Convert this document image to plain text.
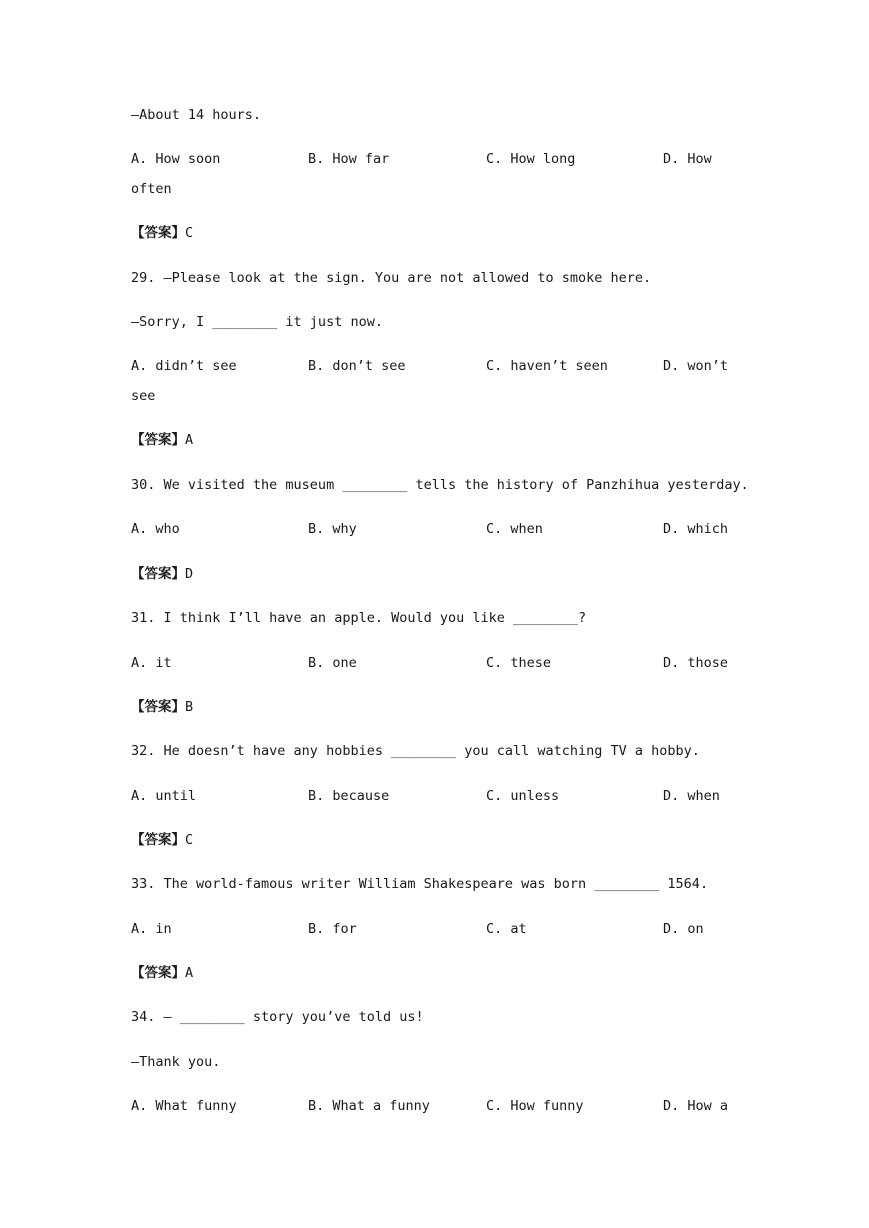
—About 14 hours.
A. How soon	B. How far	C. How long	D. How
often
【答案】C
29. —Please look at the sign. You are not allowed to smoke here.
—Sorry, I ________ it just now.
A. didn’t see	B. don’t see	C. haven’t seen	D. won’t
see
【答案】A
30. We visited the museum ________ tells the history of Panzhihua yesterday.
A. who	B. why	C. when	D. which
【答案】D
31. I think I’ll have an apple. Would you like ________?
A. it	B. one	C. these	D. those
【答案】B
32. He doesn’t have any hobbies ________ you call watching TV a hobby.
A. until	B. because	C. unless	D. when
【答案】C
33. The world-famous writer William Shakespeare was born ________ 1564.
A. in	B. for	C. at	D. on
【答案】A
34. — ________ story you’ve told us!
—Thank you.
A. What funny	B. What a funny	C. How funny	D. How a
